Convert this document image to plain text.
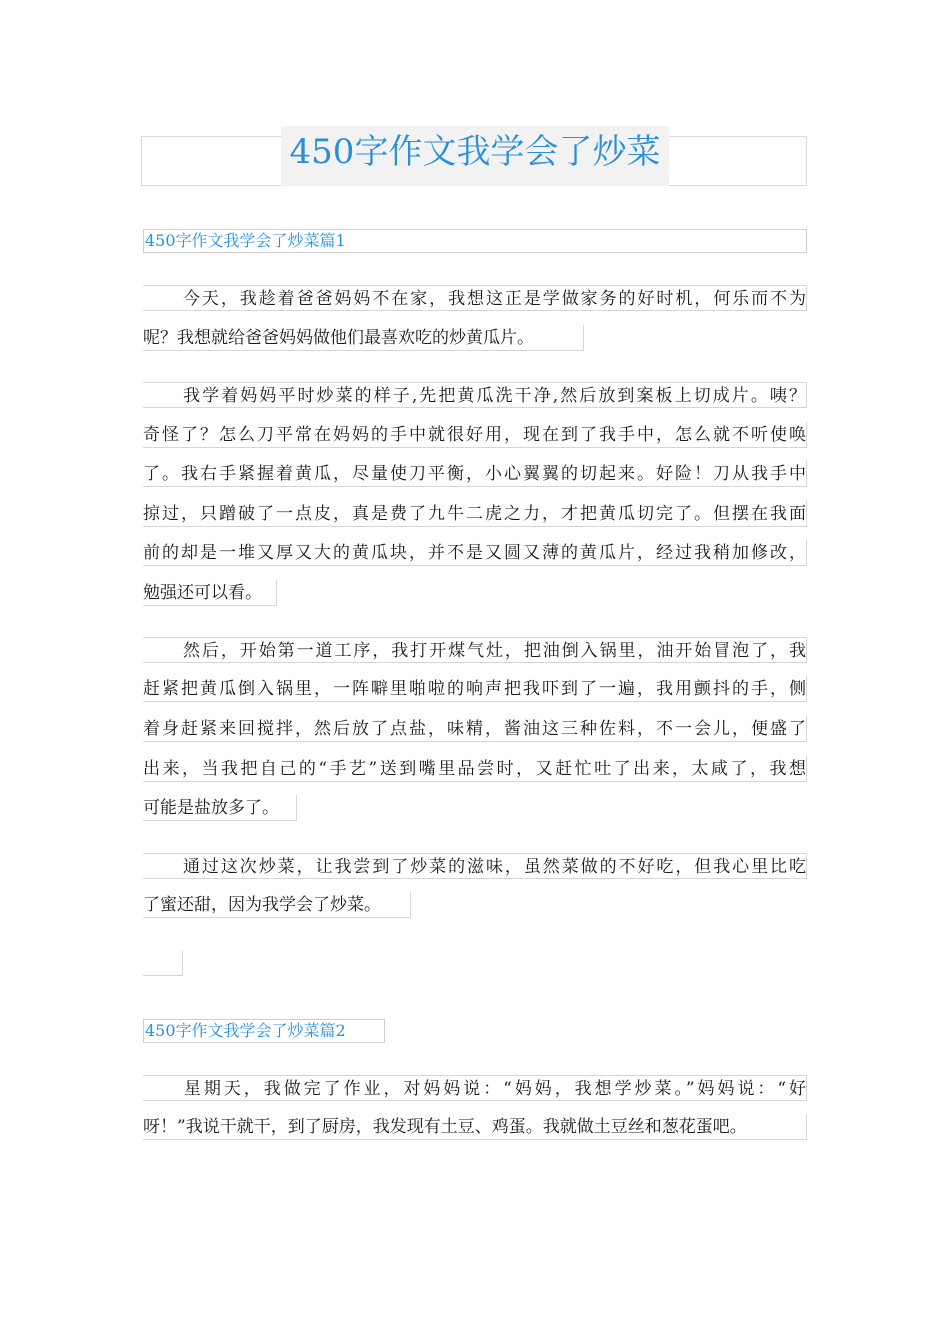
450字作文我学会了炒菜
450字作文我学会了炒菜篇1
今天，我趁着爸爸妈妈不在家，我想这正是学做家务的好时机，何乐而不为
呢？我想就给爸爸妈妈做他们最喜欢吃的炒黄瓜片。
我学着妈妈平时炒菜的样子,先把黄瓜洗干净,然后放到案板上切成片。咦？
奇怪了？怎么刀平常在妈妈的手中就很好用，现在到了我手中，怎么就不听使唤
了。我右手紧握着黄瓜，尽量使刀平衡，小心翼翼的切起来。好险！刀从我手中
掠过，只蹭破了一点皮，真是费了九牛二虎之力，才把黄瓜切完了。但摆在我面
前的却是一堆又厚又大的黄瓜块，并不是又圆又薄的黄瓜片，经过我稍加修改，
勉强还可以看。
然后，开始第一道工序，我打开煤气灶，把油倒入锅里，油开始冒泡了，我
赶紧把黄瓜倒入锅里，一阵噼里啪啦的响声把我吓到了一遍，我用颤抖的手，侧
着身赶紧来回搅拌，然后放了点盐，味精，酱油这三种佐料，不一会儿，便盛了
出来，当我把自己的“手艺”送到嘴里品尝时，又赶忙吐了出来，太咸了，我想
可能是盐放多了。
通过这次炒菜，让我尝到了炒菜的滋味，虽然菜做的不好吃，但我心里比吃
了蜜还甜，因为我学会了炒菜。
450字作文我学会了炒菜篇2
星期天，我做完了作业，对妈妈说：“妈妈，我想学炒菜。”妈妈说：“好
呀！”我说干就干，到了厨房，我发现有土豆、鸡蛋。我就做土豆丝和葱花蛋吧。
